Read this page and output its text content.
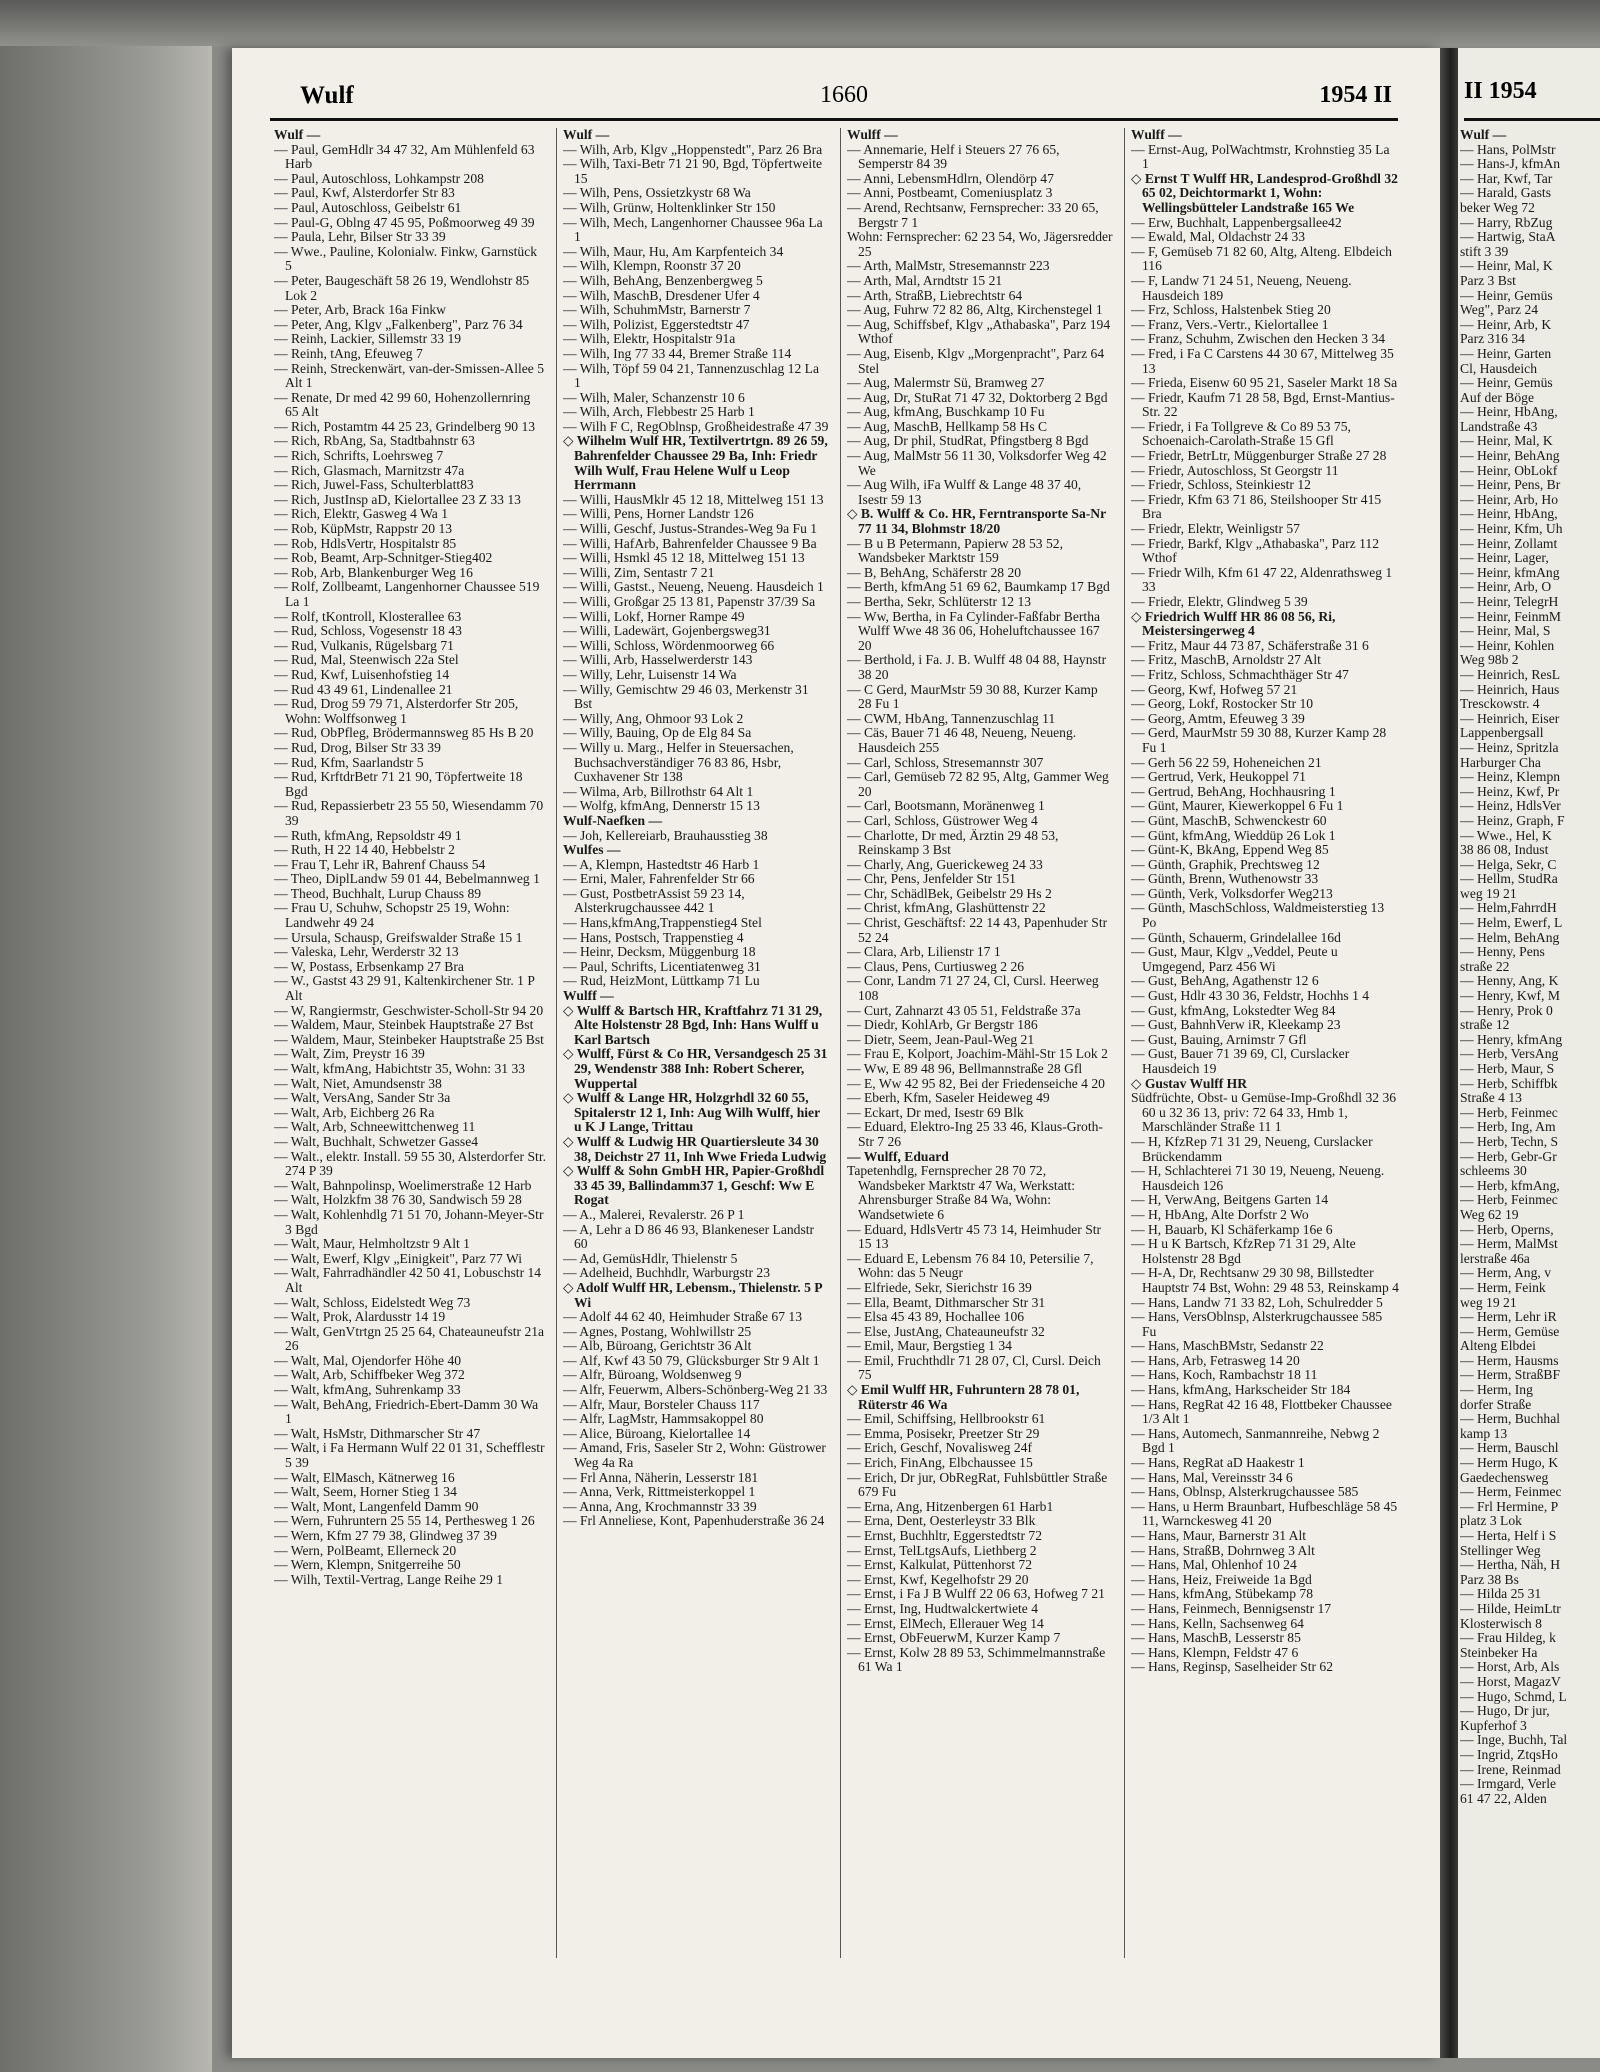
II 1954
Wulf	1660	1954 II

Wulf —

— Paul, GemHdlr 34 47 32, Am Mühlenfeld 63 Harb

— Paul, Autoschloss, Lohkampstr 208

— Paul, Kwf, Alsterdorfer Str 83

— Paul, Autoschloss, Geibelstr 61

— Paul-G, Oblng 47 45 95, Poßmoorweg 49 39

— Paula, Lehr, Bilser Str 33 39

— Wwe., Pauline, Kolonialw. Finkw, Garnstück 5

— Peter, Baugeschäft 58 26 19, Wendlohstr 85 Lok 2

— Peter, Arb, Brack 16a Finkw

— Peter, Ang, Klgv „Falkenberg", Parz 76 34

— Reinh, Lackier, Sillemstr 33 19

— Reinh, tAng, Efeuweg 7

— Reinh, Streckenwärt, van-der-Smissen-Allee 5 Alt 1

— Renate, Dr med 42 99 60, Hohenzollernring 65 Alt

— Rich, Postamtm 44 25 23, Grindelberg 90 13

— Rich, RbAng, Sa, Stadtbahnstr 63

— Rich, Schrifts, Loehrsweg 7

— Rich, Glasmach, Marnitzstr 47a

— Rich, Juwel-Fass, Schulterblatt83

— Rich, JustInsp aD, Kielortallee 23 Z 33 13

— Rich, Elektr, Gasweg 4 Wa 1

— Rob, KüpMstr, Rappstr 20 13

— Rob, HdlsVertr, Hospitalstr 85

— Rob, Beamt, Arp-Schnitger-Stieg402

— Rob, Arb, Blankenburger Weg 16

— Rolf, Zollbeamt, Langenhorner Chaussee 519 La 1

— Rolf, tKontroll, Klosterallee 63

— Rud, Schloss, Vogesenstr 18 43

— Rud, Vulkanis, Rügelsbarg 71

— Rud, Mal, Steenwisch 22a Stel

— Rud, Kwf, Luisenhofstieg 14

— Rud 43 49 61, Lindenallee 21

— Rud, Drog 59 79 71, Alsterdorfer Str 205, Wohn: Wolffsonweg 1

— Rud, ObPfleg, Brödermannsweg 85 Hs B 20

— Rud, Drog, Bilser Str 33 39

— Rud, Kfm, Saarlandstr 5

— Rud, KrftdrBetr 71 21 90, Töpfertweite 18 Bgd

— Rud, Repassierbetr 23 55 50, Wiesendamm 70 39

— Ruth, kfmAng, Repsoldstr 49 1

— Ruth, H 22 14 40, Hebbelstr 2

— Frau T, Lehr iR, Bahrenf Chauss 54

— Theo, DiplLandw 59 01 44, Bebelmannweg 1

— Theod, Buchhalt, Lurup Chauss 89

— Frau U, Schuhw, Schopstr 25 19, Wohn: Landwehr 49 24

— Ursula, Schausp, Greifswalder Straße 15 1

— Valeska, Lehr, Werderstr 32 13

— W, Postass, Erbsenkamp 27 Bra

— W., Gastst 43 29 91, Kaltenkirchener Str. 1 P Alt

— W, Rangiermstr, Geschwister-Scholl-Str 94 20

— Waldem, Maur, Steinbek Hauptstraße 27 Bst

— Waldem, Maur, Steinbeker Hauptstraße 25 Bst

— Walt, Zim, Preystr 16 39

— Walt, kfmAng, Habichtstr 35, Wohn: 31 33

— Walt, Niet, Amundsenstr 38

— Walt, VersAng, Sander Str 3a

— Walt, Arb, Eichberg 26 Ra

— Walt, Arb, Schneewittchenweg 11

— Walt, Buchhalt, Schwetzer Gasse4

— Walt., elektr. Install. 59 55 30, Alsterdorfer Str. 274 P 39

— Walt, Bahnpolinsp, Woelimerstraße 12 Harb

— Walt, Holzkfm 38 76 30, Sandwisch 59 28

— Walt, Kohlenhdlg 71 51 70, Johann-Meyer-Str 3 Bgd

— Walt, Maur, Helmholtzstr 9 Alt 1

— Walt, Ewerf, Klgv „Einigkeit", Parz 77 Wi

— Walt, Fahrradhändler 42 50 41, Lobuschstr 14 Alt

— Walt, Schloss, Eidelstedt Weg 73

— Walt, Prok, Alardusstr 14 19

— Walt, GenVtrtgn 25 25 64, Chateauneufstr 21a 26

— Walt, Mal, Ojendorfer Höhe 40

— Walt, Arb, Schiffbeker Weg 372

— Walt, kfmAng, Suhrenkamp 33

— Walt, BehAng, Friedrich-Ebert-Damm 30 Wa 1

— Walt, HsMstr, Dithmarscher Str 47

— Walt, i Fa Hermann Wulf 22 01 31, Schefflestr 5 39

— Walt, ElMasch, Kätnerweg 16

— Walt, Seem, Horner Stieg 1 34

— Walt, Mont, Langenfeld Damm 90

— Wern, Fuhruntern 25 55 14, Perthesweg 1 26

— Wern, Kfm 27 79 38, Glindweg 37 39

— Wern, PolBeamt, Ellerneck 20

— Wern, Klempn, Snitgerreihe 50

— Wilh, Textil-Vertrag, Lange Reihe 29 1

Wulf —

— Wilh, Arb, Klgv „Hoppenstedt", Parz 26 Bra

— Wilh, Taxi-Betr 71 21 90, Bgd, Töpfertweite 15

— Wilh, Pens, Ossietzkystr 68 Wa

— Wilh, Grünw, Holtenklinker Str 150

— Wilh, Mech, Langenhorner Chaussee 96a La 1

— Wilh, Maur, Hu, Am Karpfenteich 34

— Wilh, Klempn, Roonstr 37 20

— Wilh, BehAng, Benzenbergweg 5

— Wilh, MaschB, Dresdener Ufer 4

— Wilh, SchuhmMstr, Barnerstr 7

— Wilh, Polizist, Eggerstedtstr 47

— Wilh, Elektr, Hospitalstr 91a

— Wilh, Ing 77 33 44, Bremer Straße 114

— Wilh, Töpf 59 04 21, Tannenzuschlag 12 La 1

— Wilh, Maler, Schanzenstr 10 6

— Wilh, Arch, Flebbestr 25 Harb 1

— Wilh F C, RegOblnsp, Großheidestraße 47 39

◇ Wilhelm Wulf HR, Textilvertrtgn. 89 26 59, Bahrenfelder Chaussee 29 Ba, Inh: Friedr Wilh Wulf, Frau Helene Wulf u Leop Herrmann

— Willi, HausMklr 45 12 18, Mittelweg 151 13

— Willi, Pens, Horner Landstr 126

— Willi, Geschf, Justus-Strandes-Weg 9a Fu 1

— Willi, HafArb, Bahrenfelder Chaussee 9 Ba

— Willi, Hsmkl 45 12 18, Mittelweg 151 13

— Willi, Zim, Sentastr 7 21

— Willi, Gastst., Neueng, Neueng. Hausdeich 1

— Willi, Großgar 25 13 81, Papenstr 37/39 Sa

— Willi, Lokf, Horner Rampe 49

— Willi, Ladewärt, Gojenbergsweg31

— Willi, Schloss, Wördenmoorweg 66

— Willi, Arb, Hasselwerderstr 143

— Willy, Lehr, Luisenstr 14 Wa

— Willy, Gemischtw 29 46 03, Merkenstr 31 Bst

— Willy, Ang, Ohmoor 93 Lok 2

— Willy, Bauing, Op de Elg 84 Sa

— Willy u. Marg., Helfer in Steuersachen, Buchsachverständiger 76 83 86, Hsbr, Cuxhavener Str 138

— Wilma, Arb, Billrothstr 64 Alt 1

— Wolfg, kfmAng, Dennerstr 15 13

Wulf-Naefken —

— Joh, Kellereiarb, Brauhausstieg 38

Wulfes —

— A, Klempn, Hastedtstr 46 Harb 1

— Erni, Maler, Fahrenfelder Str 66

— Gust, PostbetrAssist 59 23 14, Alsterkrugchaussee 442 1

— Hans,kfmAng,Trappenstieg4 Stel

— Hans, Postsch, Trappenstieg 4

— Heinr, Decksm, Müggenburg 18

— Paul, Schrifts, Licentiatenweg 31

— Rud, HeizMont, Lüttkamp 71 Lu

Wulff —

◇ Wulff & Bartsch HR, Kraftfahrz 71 31 29, Alte Holstenstr 28 Bgd, Inh: Hans Wulff u Karl Bartsch

◇ Wulff, Fürst & Co HR, Versandgesch 25 31 29, Wendenstr 388 Inh: Robert Scherer, Wuppertal

◇ Wulff & Lange HR, Holzgrhdl 32 60 55, Spitalerstr 12 1, Inh: Aug Wilh Wulff, hier u K J Lange, Trittau

◇ Wulff & Ludwig HR Quartiersleute 34 30 38, Deichstr 27 11, Inh Wwe Frieda Ludwig

◇ Wulff & Sohn GmbH HR, Papier-Großhdl 33 45 39, Ballindamm37 1, Geschf: Ww E Rogat

— A., Malerei, Revalerstr. 26 P 1

— A, Lehr a D 86 46 93, Blankeneser Landstr 60

— Ad, GemüsHdlr, Thielenstr 5

— Adelheid, Buchhdlr, Warburgstr 23

◇ Adolf Wulff HR, Lebensm., Thielenstr. 5 P Wi

— Adolf 44 62 40, Heimhuder Straße 67 13

— Agnes, Postang, Wohlwillstr 25

— Alb, Büroang, Gerichtstr 36 Alt

— Alf, Kwf 43 50 79, Glücksburger Str 9 Alt 1

— Alfr, Büroang, Woldsenweg 9

— Alfr, Feuerwm, Albers-Schönberg-Weg 21 33

— Alfr, Maur, Borsteler Chauss 117

— Alfr, LagMstr, Hammsakoppel 80

— Alice, Büroang, Kielortallee 14

— Amand, Fris, Saseler Str 2, Wohn: Güstrower Weg 4a Ra

— Frl Anna, Näherin, Lesserstr 181

— Anna, Verk, Rittmeisterkoppel 1

— Anna, Ang, Krochmannstr 33 39

— Frl Anneliese, Kont, Papenhuderstraße 36 24

Wulff —

— Annemarie, Helf i Steuers 27 76 65, Semperstr 84 39

— Anni, LebensmHdlrn, Olendörp 47

— Anni, Postbeamt, Comeniusplatz 3

— Arend, Rechtsanw, Fernsprecher: 33 20 65, Bergstr 7 1

Wohn: Fernsprecher: 62 23 54, Wo, Jägersredder 25

— Arth, MalMstr, Stresemannstr 223

— Arth, Mal, Arndtstr 15 21

— Arth, StraßB, Liebrechtstr 64

— Aug, Fuhrw 72 82 86, Altg, Kirchenstegel 1

— Aug, Schiffsbef, Klgv „Athabaska", Parz 194 Wthof

— Aug, Eisenb, Klgv „Morgenpracht", Parz 64 Stel

— Aug, Malermstr Sü, Bramweg 27

— Aug, Dr, StuRat 71 47 32, Doktorberg 2 Bgd

— Aug, kfmAng, Buschkamp 10 Fu

— Aug, MaschB, Hellkamp 58 Hs C

— Aug, Dr phil, StudRat, Pfingstberg 8 Bgd

— Aug, MalMstr 56 11 30, Volksdorfer Weg 42 We

— Aug Wilh, iFa Wulff & Lange 48 37 40, Isestr 59 13

◇ B. Wulff & Co. HR, Ferntransporte Sa-Nr 77 11 34, Blohmstr 18/20

— B u B Petermann, Papierw 28 53 52, Wandsbeker Marktstr 159

— B, BehAng, Schäferstr 28 20

— Berth, kfmAng 51 69 62, Baumkamp 17 Bgd

— Bertha, Sekr, Schlüterstr 12 13

— Ww, Bertha, in Fa Cylinder-Faßfabr Bertha Wulff Wwe 48 36 06, Hoheluftchaussee 167 20

— Berthold, i Fa. J. B. Wulff 48 04 88, Haynstr 38 20

— C Gerd, MaurMstr 59 30 88, Kurzer Kamp 28 Fu 1

— CWM, HbAng, Tannenzuschlag 11

— Cäs, Bauer 71 46 48, Neueng, Neueng. Hausdeich 255

— Carl, Schloss, Stresemannstr 307

— Carl, Gemüseb 72 82 95, Altg, Gammer Weg 20

— Carl, Bootsmann, Moränenweg 1

— Carl, Schloss, Güstrower Weg 4

— Charlotte, Dr med, Ärztin 29 48 53, Reinskamp 3 Bst

— Charly, Ang, Guerickeweg 24 33

— Chr, Pens, Jenfelder Str 151

— Chr, SchädlBek, Geibelstr 29 Hs 2

— Christ, kfmAng, Glashüttenstr 22

— Christ, Geschäftsf: 22 14 43, Papenhuder Str 52 24

— Clara, Arb, Lilienstr 17 1

— Claus, Pens, Curtiusweg 2 26

— Conr, Landm 71 27 24, Cl, Cursl. Heerweg 108

— Curt, Zahnarzt 43 05 51, Feldstraße 37a

— Diedr, KohlArb, Gr Bergstr 186

— Dietr, Seem, Jean-Paul-Weg 21

— Frau E, Kolport, Joachim-Mähl-Str 15 Lok 2

— Ww, E 89 48 96, Bellmannstraße 28 Gfl

— E, Ww 42 95 82, Bei der Friedenseiche 4 20

— Eberh, Kfm, Saseler Heideweg 49

— Eckart, Dr med, Isestr 69 Blk

— Eduard, Elektro-Ing 25 33 46, Klaus-Groth-Str 7 26

— Wulff, Eduard

Tapetenhdlg, Fernsprecher 28 70 72, Wandsbeker Marktstr 47 Wa, Werkstatt: Ahrensburger Straße 84 Wa, Wohn: Wandsetwiete 6

— Eduard, HdlsVertr 45 73 14, Heimhuder Str 15 13

— Eduard E, Lebensm 76 84 10, Petersilie 7, Wohn: das 5 Neugr

— Elfriede, Sekr, Sierichstr 16 39

— Ella, Beamt, Dithmarscher Str 31

— Elsa 45 43 89, Hochallee 106

— Else, JustAng, Chateauneufstr 32

— Emil, Maur, Bergstieg 1 34

— Emil, Fruchthdlr 71 28 07, Cl, Cursl. Deich 75

◇ Emil Wulff HR, Fuhruntern 28 78 01, Rüterstr 46 Wa

— Emil, Schiffsing, Hellbrookstr 61

— Emma, Posisekr, Preetzer Str 29

— Erich, Geschf, Novalisweg 24f

— Erich, FinAng, Elbchaussee 15

— Erich, Dr jur, ObRegRat, Fuhlsbüttler Straße 679 Fu

— Erna, Ang, Hitzenbergen 61 Harb1

— Erna, Dent, Oesterleystr 33 Blk

— Ernst, Buchhltr, Eggerstedtstr 72

— Ernst, TelLtgsAufs, Liethberg 2

— Ernst, Kalkulat, Püttenhorst 72

— Ernst, Kwf, Kegelhofstr 29 20

— Ernst, i Fa J B Wulff 22 06 63, Hofweg 7 21

— Ernst, Ing, Hudtwalckertwiete 4

— Ernst, ElMech, Ellerauer Weg 14

— Ernst, ObFeuerwM, Kurzer Kamp 7

— Ernst, Kolw 28 89 53, Schimmelmannstraße 61 Wa 1

Wulff —

— Ernst-Aug, PolWachtmstr, Krohnstieg 35 La 1

◇ Ernst T Wulff HR, Landesprod-Großhdl 32 65 02, Deichtormarkt 1, Wohn: Wellingsbütteler Landstraße 165 We

— Erw, Buchhalt, Lappenbergsallee42

— Ewald, Mal, Oldachstr 24 33

— F, Gemüseb 71 82 60, Altg, Alteng. Elbdeich 116

— F, Landw 71 24 51, Neueng, Neueng. Hausdeich 189

— Frz, Schloss, Halstenbek Stieg 20

— Franz, Vers.-Vertr., Kielortallee 1

— Franz, Schuhm, Zwischen den Hecken 3 34

— Fred, i Fa C Carstens 44 30 67, Mittelweg 35 13

— Frieda, Eisenw 60 95 21, Saseler Markt 18 Sa

— Friedr, Kaufm 71 28 58, Bgd, Ernst-Mantius-Str. 22

— Friedr, i Fa Tollgreve & Co 89 53 75, Schoenaich-Carolath-Straße 15 Gfl

— Friedr, BetrLtr, Müggenburger Straße 27 28

— Friedr, Autoschloss, St Georgstr 11

— Friedr, Schloss, Steinkiestr 12

— Friedr, Kfm 63 71 86, Steilshooper Str 415 Bra

— Friedr, Elektr, Weinligstr 57

— Friedr, Barkf, Klgv „Athabaska", Parz 112 Wthof

— Friedr Wilh, Kfm 61 47 22, Aldenrathsweg 1 33

— Friedr, Elektr, Glindweg 5 39

◇ Friedrich Wulff HR 86 08 56, Ri, Meistersingerweg 4

— Fritz, Maur 44 73 87, Schäferstraße 31 6

— Fritz, MaschB, Arnoldstr 27 Alt

— Fritz, Schloss, Schmachthäger Str 47

— Georg, Kwf, Hofweg 57 21

— Georg, Lokf, Rostocker Str 10

— Georg, Amtm, Efeuweg 3 39

— Gerd, MaurMstr 59 30 88, Kurzer Kamp 28 Fu 1

— Gerh 56 22 59, Hoheneichen 21

— Gertrud, Verk, Heukoppel 71

— Gertrud, BehAng, Hochhausring 1

— Günt, Maurer, Kiewerkoppel 6 Fu 1

— Günt, MaschB, Schwenckestr 60

— Günt, kfmAng, Wieddüp 26 Lok 1

— Günt-K, BkAng, Eppend Weg 85

— Günth, Graphik, Prechtsweg 12

— Günth, Brenn, Wuthenowstr 33

— Günth, Verk, Volksdorfer Weg213

— Günth, MaschSchloss, Waldmeisterstieg 13 Po

— Günth, Schauerm, Grindelallee 16d

— Gust, Maur, Klgv „Veddel, Peute u Umgegend, Parz 456 Wi

— Gust, BehAng, Agathenstr 12 6

— Gust, Hdlr 43 30 36, Feldstr, Hochhs 1 4

— Gust, kfmAng, Lokstedter Weg 84

— Gust, BahnhVerw iR, Kleekamp 23

— Gust, Bauing, Arnimstr 7 Gfl

— Gust, Bauer 71 39 69, Cl, Curslacker Hausdeich 19

◇ Gustav Wulff HR

Südfrüchte, Obst- u Gemüse-Imp-Großhdl 32 36 60 u 32 36 13, priv: 72 64 33, Hmb 1, Marschländer Straße 11 1

— H, KfzRep 71 31 29, Neueng, Curslacker Brückendamm

— H, Schlachterei 71 30 19, Neueng, Neueng. Hausdeich 126

— H, VerwAng, Beitgens Garten 14

— H, HbAng, Alte Dorfstr 2 Wo

— H, Bauarb, Kl Schäferkamp 16e 6

— H u K Bartsch, KfzRep 71 31 29, Alte Holstenstr 28 Bgd

— H-A, Dr, Rechtsanw 29 30 98, Billstedter Hauptstr 74 Bst, Wohn: 29 48 53, Reinskamp 4

— Hans, Landw 71 33 82, Loh, Schulredder 5

— Hans, VersOblnsp, Alsterkrugchaussee 585 Fu

— Hans, MaschBMstr, Sedanstr 22

— Hans, Arb, Fetrasweg 14 20

— Hans, Koch, Rambachstr 18 11

— Hans, kfmAng, Harkscheider Str 184

— Hans, RegRat 42 16 48, Flottbeker Chaussee 1/3 Alt 1

— Hans, Automech, Sanmannreihe, Nebwg 2 Bgd 1

— Hans, RegRat aD Haakestr 1

— Hans, Mal, Vereinsstr 34 6

— Hans, Oblnsp, Alsterkrugchaussee 585

— Hans, u Herm Braunbart, Hufbeschläge 58 45 11, Warnckesweg 41 20

— Hans, Maur, Barnerstr 31 Alt

— Hans, StraßB, Dohrnweg 3 Alt

— Hans, Mal, Ohlenhof 10 24

— Hans, Heiz, Freiweide 1a Bgd

— Hans, kfmAng, Stübekamp 78

— Hans, Feinmech, Bennigsenstr 17

— Hans, Kelln, Sachsenweg 64

— Hans, MaschB, Lesserstr 85

— Hans, Klempn, Feldstr 47 6

— Hans, Reginsp, Saselheider Str 62

Wulf —

— Hans, PolMstr

— Hans-J, kfmAn

— Har, Kwf, Tar

— Harald, Gasts

beker Weg 72

— Harry, RbZug

— Hartwig, StaA

stift 3 39

— Heinr, Mal, K

Parz 3 Bst

— Heinr, Gemüs

Weg", Parz 24

— Heinr, Arb, K

Parz 316 34

— Heinr, Garten

Cl, Hausdeich

— Heinr, Gemüs

Auf der Böge

— Heinr, HbAng,

Landstraße 43

— Heinr, Mal, K

— Heinr, BehAng

— Heinr, ObLokf

— Heinr, Pens, Br

— Heinr, Arb, Ho

— Heinr, HbAng,

— Heinr, Kfm, Uh

— Heinr, Zollamt

— Heinr, Lager,

— Heinr, kfmAng

— Heinr, Arb, O

— Heinr, TelegrH

— Heinr, FeinmM

— Heinr, Mal, S

— Heinr, Kohlen

Weg 98b 2

— Heinrich, ResL

— Heinrich, Haus

Tresckowstr. 4

— Heinrich, Eiser

Lappenbergsall

— Heinz, Spritzla

Harburger Cha

— Heinz, Klempn

— Heinz, Kwf, Pr

— Heinz, HdlsVer

— Heinz, Graph, F

— Wwe., Hel, K

38 86 08, Indust

— Helga, Sekr, C

— Hellm, StudRa

weg 19 21

— Helm,FahrrdH

— Helm, Ewerf, L

— Helm, BehAng

— Henny, Pens

straße 22

— Henny, Ang, K

— Henry, Kwf, M

— Henry, Prok 0

straße 12

— Henry, kfmAng

— Herb, VersAng

— Herb, Maur, S

— Herb, Schiffbk

Straße 4 13

— Herb, Feinmec

— Herb, Ing, Am

— Herb, Techn, S

— Herb, Gebr-Gr

schleems 30

— Herb, kfmAng,

— Herb, Feinmec

Weg 62 19

— Herb, Operns,

— Herm, MalMst

lerstraße 46a

— Herm, Ang, v

— Herm, Feink

weg 19 21

— Herm, Lehr iR

— Herm, Gemüse

Alteng Elbdei

— Herm, Hausms

— Herm, StraßBF

— Herm, Ing

dorfer Straße

— Herm, Buchhal

kamp 13

— Herm, Bauschl

— Herm Hugo, K

Gaedechensweg

— Herm, Feinmec

— Frl Hermine, P

platz 3 Lok

— Herta, Helf i S

Stellinger Weg

— Hertha, Näh, H

Parz 38 Bs

— Hilda 25 31

— Hilde, HeimLtr

Klosterwisch 8

— Frau Hildeg, k

Steinbeker Ha

— Horst, Arb, Als

— Horst, MagazV

— Hugo, Schmd, L

— Hugo, Dr jur,

Kupferhof 3

— Inge, Buchh, Tal

— Ingrid, ZtqsHo

— Irene, Reinmad

— Irmgard, Verle

61 47 22, Alden
